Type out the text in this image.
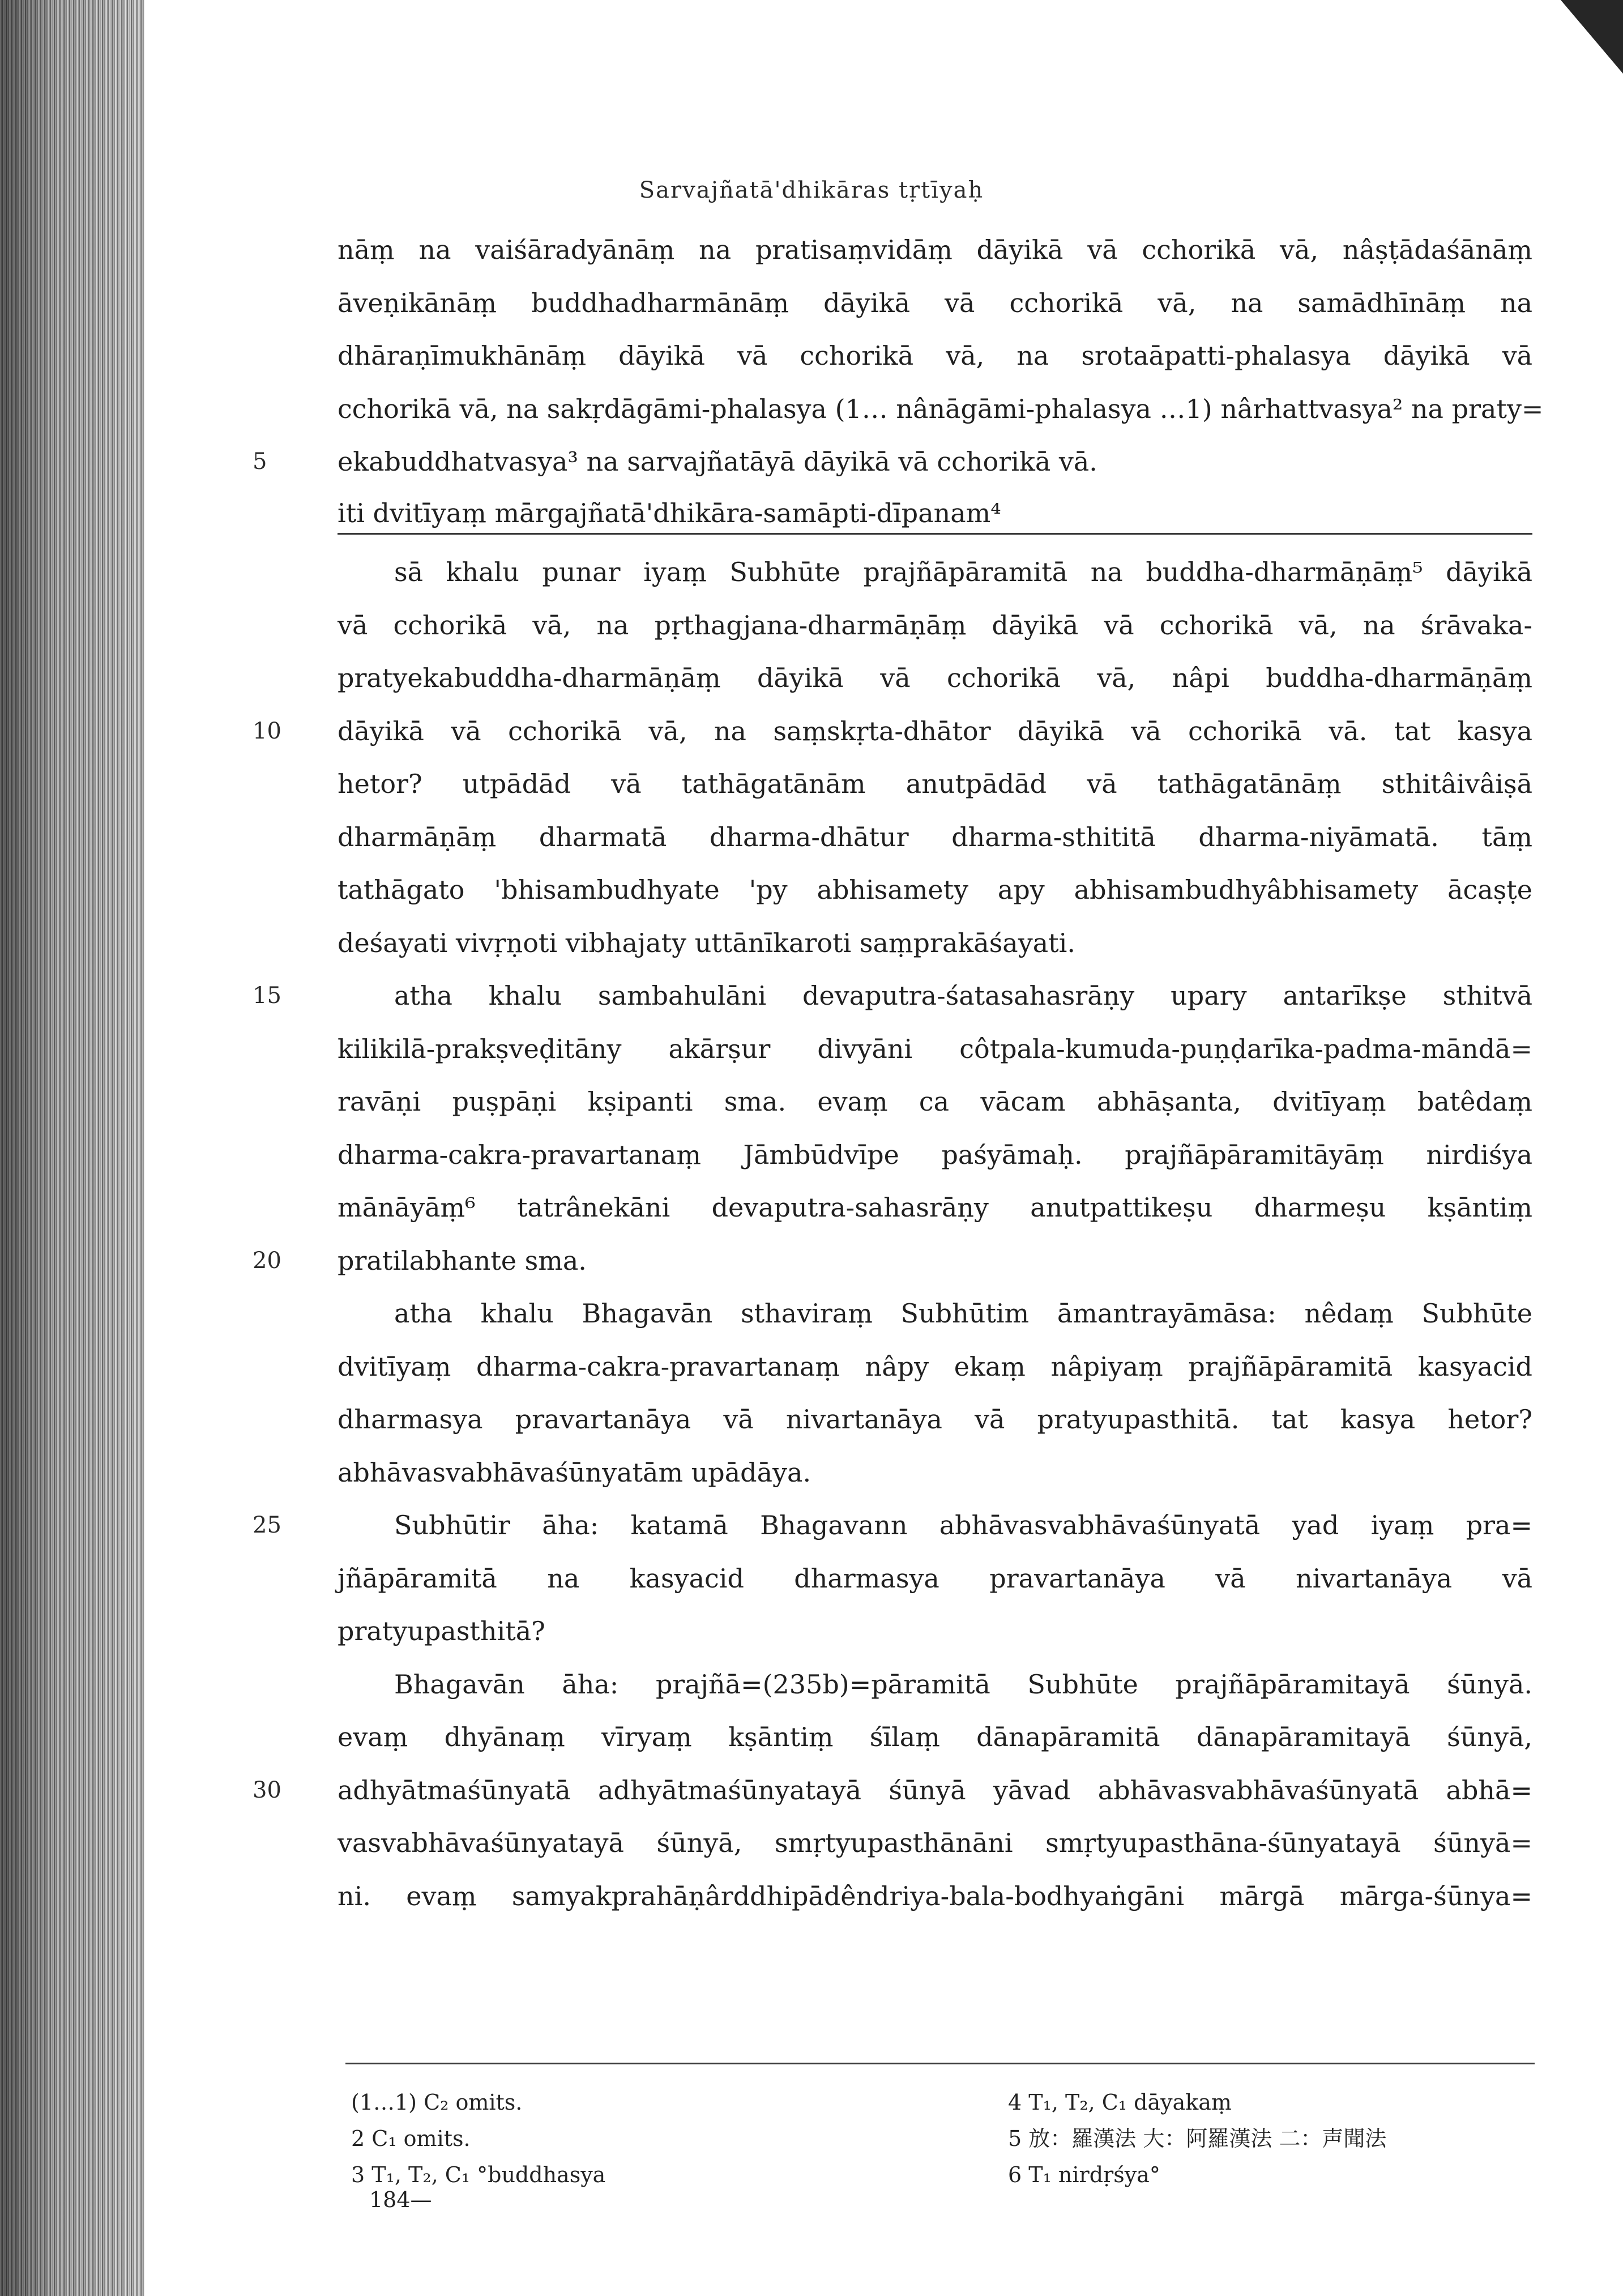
Sarvajñatā'dhikāras tṛtīyaḥ
nāṃ na vaiśāradyānāṃ na pratisaṃvidāṃ dāyikā vā cchorikā vā, nâṣṭādaśānāṃ
āveṇikānāṃ buddhadharmānāṃ dāyikā vā cchorikā vā, na samādhīnāṃ na
dhāraṇīmukhānāṃ dāyikā vā cchorikā vā, na srotaāpatti-phalasya dāyikā vā
cchorikā vā, na sakṛdāgāmi-phalasya (1… nânāgāmi-phalasya …1) nârhattvasya² na praty=
5	ekabuddhatvasya³ na sarvajñatāyā dāyikā vā cchorikā vā.
iti dvitīyaṃ mārgajñatā'dhikāra-samāpti-dīpanam⁴
sā khalu punar iyaṃ Subhūte prajñāpāramitā na buddha-dharmāṇāṃ⁵ dāyikā
vā cchorikā vā, na pṛthagjana-dharmāṇāṃ dāyikā vā cchorikā vā, na śrāvaka-
pratyekabuddha-dharmāṇāṃ dāyikā vā cchorikā vā, nâpi buddha-dharmāṇāṃ
10	dāyikā vā cchorikā vā, na saṃskṛta-dhātor dāyikā vā cchorikā vā. tat kasya
hetor? utpādād vā tathāgatānām anutpādād vā tathāgatānāṃ sthitâivâiṣā
dharmāṇāṃ dharmatā dharma-dhātur dharma-sthititā dharma-niyāmatā. tāṃ
tathāgato 'bhisambudhyate 'py abhisamety apy abhisambudhyâbhisamety ācaṣṭe
deśayati vivṛṇoti vibhajaty uttānīkaroti saṃprakāśayati.
15	atha khalu sambahulāni devaputra-śatasahasrāṇy upary antarīkṣe sthitvā
kilikilā-prakṣveḍitāny akārṣur divyāni côtpala-kumuda-puṇḍarīka-padma-māndā=
ravāṇi puṣpāṇi kṣipanti sma. evaṃ ca vācam abhāṣanta, dvitīyaṃ batêdaṃ
dharma-cakra-pravartanaṃ Jāmbūdvīpe paśyāmaḥ. prajñāpāramitāyāṃ nirdiśya
mānāyāṃ⁶ tatrânekāni devaputra-sahasrāṇy anutpattikeṣu dharmeṣu kṣāntiṃ
20	pratilabhante sma.
atha khalu Bhagavān sthaviraṃ Subhūtim āmantrayāmāsa: nêdaṃ Subhūte
dvitīyaṃ dharma-cakra-pravartanaṃ nâpy ekaṃ nâpiyaṃ prajñāpāramitā kasyacid
dharmasya pravartanāya vā nivartanāya vā pratyupasthitā. tat kasya hetor?
abhāvasvabhāvaśūnyatām upādāya.
25	Subhūtir āha: katamā Bhagavann abhāvasvabhāvaśūnyatā yad iyaṃ pra=
jñāpāramitā na kasyacid dharmasya pravartanāya vā nivartanāya vā
pratyupasthitā?
Bhagavān āha: prajñā=(235b)=pāramitā Subhūte prajñāpāramitayā śūnyā.
evaṃ dhyānaṃ vīryaṃ kṣāntiṃ śīlaṃ dānapāramitā dānapāramitayā śūnyā,
30	adhyātmaśūnyatā adhyātmaśūnyatayā śūnyā yāvad abhāvasvabhāvaśūnyatā abhā=
vasvabhāvaśūnyatayā śūnyā, smṛtyupasthānāni smṛtyupasthāna-śūnyatayā śūnyā=
ni. evaṃ samyakprahāṇârddhipādêndriya-bala-bodhyaṅgāni mārgā mārga-śūnya=
(1…1) C₂ omits.
2 C₁ omits.
3 T₁, T₂, C₁ °buddhasya
4 T₁, T₂, C₁ dāyakaṃ
5 放：羅漢法 大：阿羅漢法 二：声聞法
6 T₁ nirdṛśya°
184—
